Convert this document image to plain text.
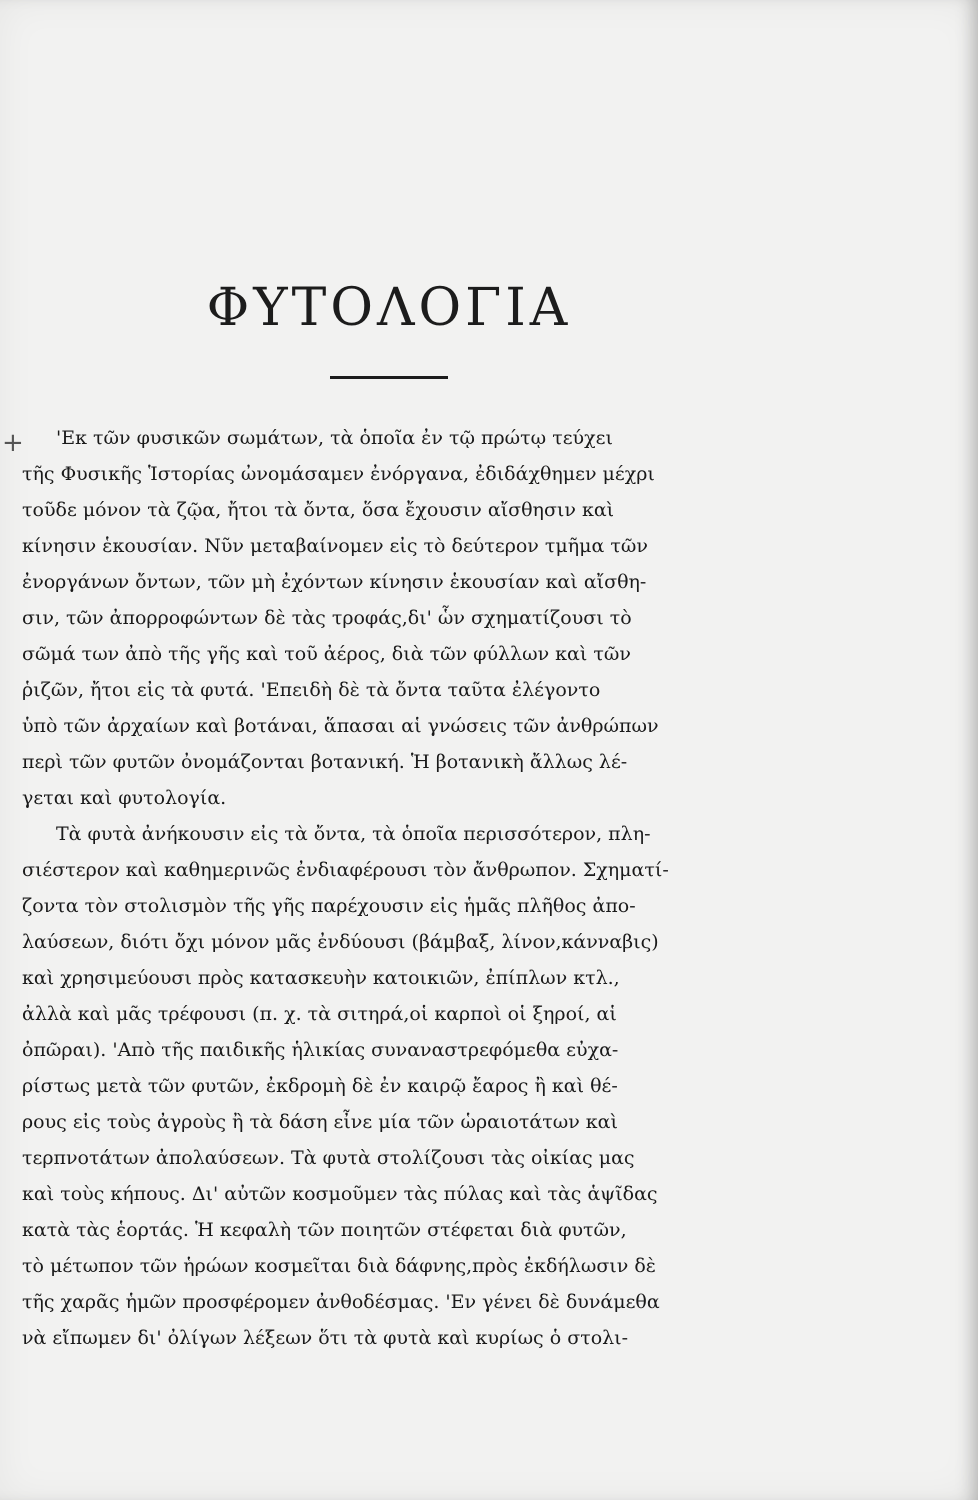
ΦΥΤΟΛΟΓΙΑ
+	'Εκ τῶν φυσικῶν σωμάτων, τὰ ὁποῖα ἐν τῷ πρώτῳ τεύχει
τῆς Φυσικῆς Ἱστορίας ὠνομάσαμεν ἐνόργανα, ἐδιδάχθημεν μέχρι
τοῦδε μόνον τὰ ζῷα, ἤτοι τὰ ὄντα, ὅσα ἔχουσιν αἴσθησιν καὶ
κίνησιν ἑκουσίαν. Νῦν μεταβαίνομεν εἰς τὸ δεύτερον τμῆμα τῶν
ἐνοργάνων ὄντων, τῶν μὴ ἐχόντων κίνησιν ἑκουσίαν καὶ αἴσθη-
σιν, τῶν ἀπορροφώντων δὲ τὰς τροφάς,δι' ὧν σχηματίζουσι τὸ
σῶμά των ἀπὸ τῆς γῆς καὶ τοῦ ἀέρος, διὰ τῶν φύλλων καὶ τῶν
ῥιζῶν, ἤτοι εἰς τὰ φυτά. 'Επειδὴ δὲ τὰ ὄντα ταῦτα ἐλέγοντο
ὑπὸ τῶν ἀρχαίων καὶ βοτάναι, ἅπασαι αἱ γνώσεις τῶν ἀνθρώπων
περὶ τῶν φυτῶν ὀνομάζονται βοτανική. Ἡ βοτανικὴ ἄλλως λέ-
γεται καὶ φυτολογία.
Τὰ φυτὰ ἀνήκουσιν εἰς τὰ ὄντα, τὰ ὁποῖα περισσότερον, πλη-
σιέστερον καὶ καθημερινῶς ἐνδιαφέρουσι τὸν ἄνθρωπον. Σχηματί-
ζοντα τὸν στολισμὸν τῆς γῆς παρέχουσιν εἰς ἡμᾶς πλῆθος ἀπο-
λαύσεων, διότι ὄχι μόνον μᾶς ἐνδύουσι (βάμβαξ, λίνον,κάνναβις)
καὶ χρησιμεύουσι πρὸς κατασκευὴν κατοικιῶν, ἐπίπλων κτλ.,
ἀλλὰ καὶ μᾶς τρέφουσι (π. χ. τὰ σιτηρά,οἱ καρποὶ οἱ ξηροί, αἱ
ὀπῶραι). 'Απὸ τῆς παιδικῆς ἡλικίας συναναστρεφόμεθα εὐχα-
ρίστως μετὰ τῶν φυτῶν, ἐκδρομὴ δὲ ἐν καιρῷ ἔαρος ἢ καὶ θέ-
ρους εἰς τοὺς ἀγροὺς ἢ τὰ δάση εἶνε μία τῶν ὡραιοτάτων καὶ
τερπνοτάτων ἀπολαύσεων. Τὰ φυτὰ στολίζουσι τὰς οἰκίας μας
καὶ τοὺς κήπους. Δι' αὐτῶν κοσμοῦμεν τὰς πύλας καὶ τὰς ἁψῖδας
κατὰ τὰς ἑορτάς. Ἡ κεφαλὴ τῶν ποιητῶν στέφεται διὰ φυτῶν,
τὸ μέτωπον τῶν ἡρώων κοσμεῖται διὰ δάφνης,πρὸς ἐκδήλωσιν δὲ
τῆς χαρᾶς ἡμῶν προσφέρομεν ἀνθοδέσμας. 'Εν γένει δὲ δυνάμεθα
νὰ εἴπωμεν δι' ὀλίγων λέξεων ὅτι τὰ φυτὰ καὶ κυρίως ὁ στολι-
